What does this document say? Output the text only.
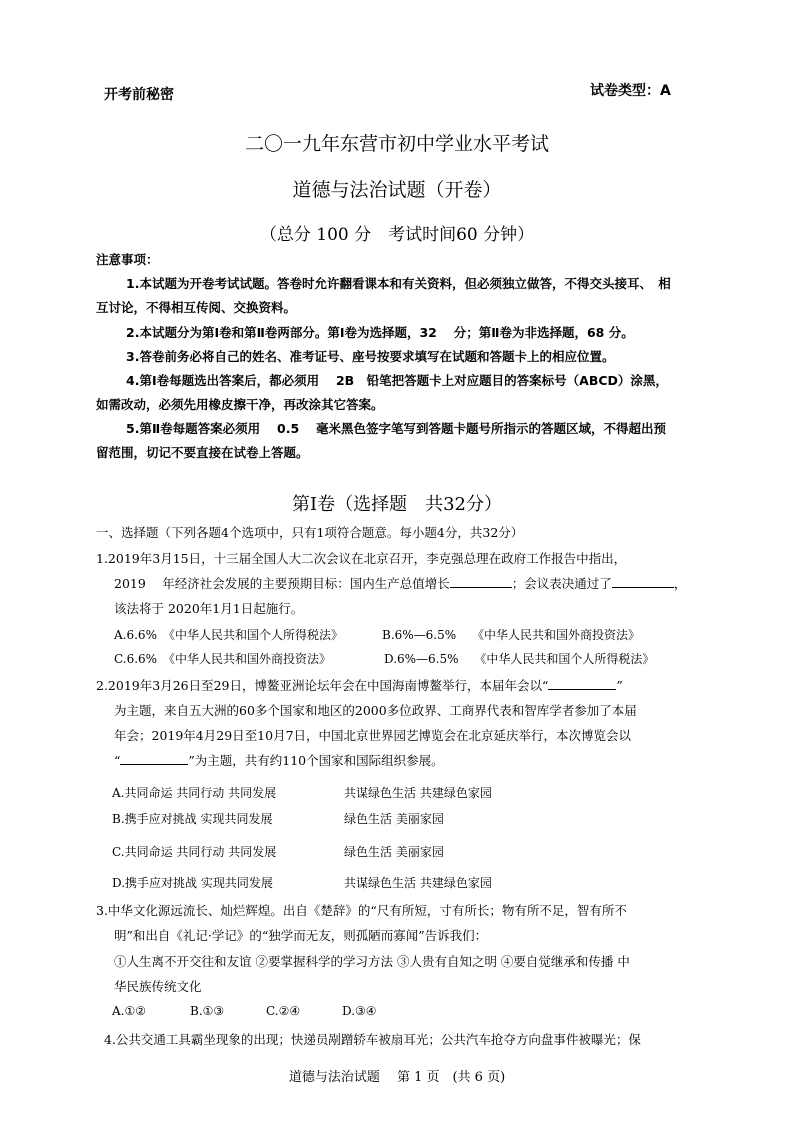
开考前秘密	试卷类型：A
二〇一九年东营市初中学业水平考试
道德与法治试题（开卷）
（总分 100 分　考试时间60 分钟）
注意事项：
1.本试题为开卷考试试题。答卷时允许翻看课本和有关资料，但必须独立做答，不得交头接耳、　相
互讨论，不得相互传阅、交换资料。
2.本试题分为第Ⅰ卷和第Ⅱ卷两部分。第Ⅰ卷为选择题，32　 分；第Ⅱ卷为非选择题，68 分。
3.答卷前务必将自己的姓名、准考证号、座号按要求填写在试题和答题卡上的相应位置。
4.第Ⅰ卷每题选出答案后，都必须用　 2B　铅笔把答题卡上对应题目的答案标号（ABCD）涂黑，
如需改动，必须先用橡皮擦干净，再改涂其它答案。
5.第Ⅱ卷每题答案必须用　 0.5　 毫米黑色签字笔写到答题卡题号所指示的答题区域，不得超出预
留范围，切记不要直接在试卷上答题。
第Ⅰ卷（选择题　共32分）
一、选择题（下列各题4个选项中，只有1项符合题意。每小题4分，共32分）
1.2019年3月15日，十三届全国人大二次会议在北京召开，李克强总理在政府工作报告中指出，
2019　 年经济社会发展的主要预期目标：国内生产总值增长	；会议表决通过了	，
该法将于 2020年1月1日起施行。
A.6.6%　《中华人民共和国个人所得税法》	B.6%—6.5%　 《中华人民共和国外商投资法》
C.6.6%　《中华人民共和国外商投资法》	D.6%—6.5%　 《中华人民共和国个人所得税法》
2.2019年3月26日至29日，博鳌亚洲论坛年会在中国海南博鳌举行，本届年会以“	”
为主题，来自五大洲的60多个国家和地区的2000多位政界、工商界代表和智库学者参加了本届
年会；2019年4月29日至10月7日，中国北京世界园艺博览会在北京延庆举行，本次博览会以
“	”为主题，共有约110个国家和国际组织参展。
A.共同命运 共同行动 共同发展	共谋绿色生活 共建绿色家园
B.携手应对挑战 实现共同发展	绿色生活 美丽家园
C.共同命运 共同行动 共同发展	绿色生活 美丽家园
D.携手应对挑战 实现共同发展	共谋绿色生活 共建绿色家园
3.中华文化源远流长、灿烂辉煌。出自《楚辞》的“尺有所短，寸有所长；物有所不足，智有所不
明”和出自《礼记·学记》的“独学而无友，则孤陋而寡闻”告诉我们：
①人生离不开交往和友谊 ②要掌握科学的学习方法 ③人贵有自知之明 ④要自觉继承和传播 中
华民族传统文化
A.①②	B.①③	C.②④	D.③④
4.公共交通工具霸坐现象的出现；快递员剐蹭轿车被扇耳光；公共汽车抢夺方向盘事件被曝光；保
道德与法治试题　 第 1 页　(共 6 页)
